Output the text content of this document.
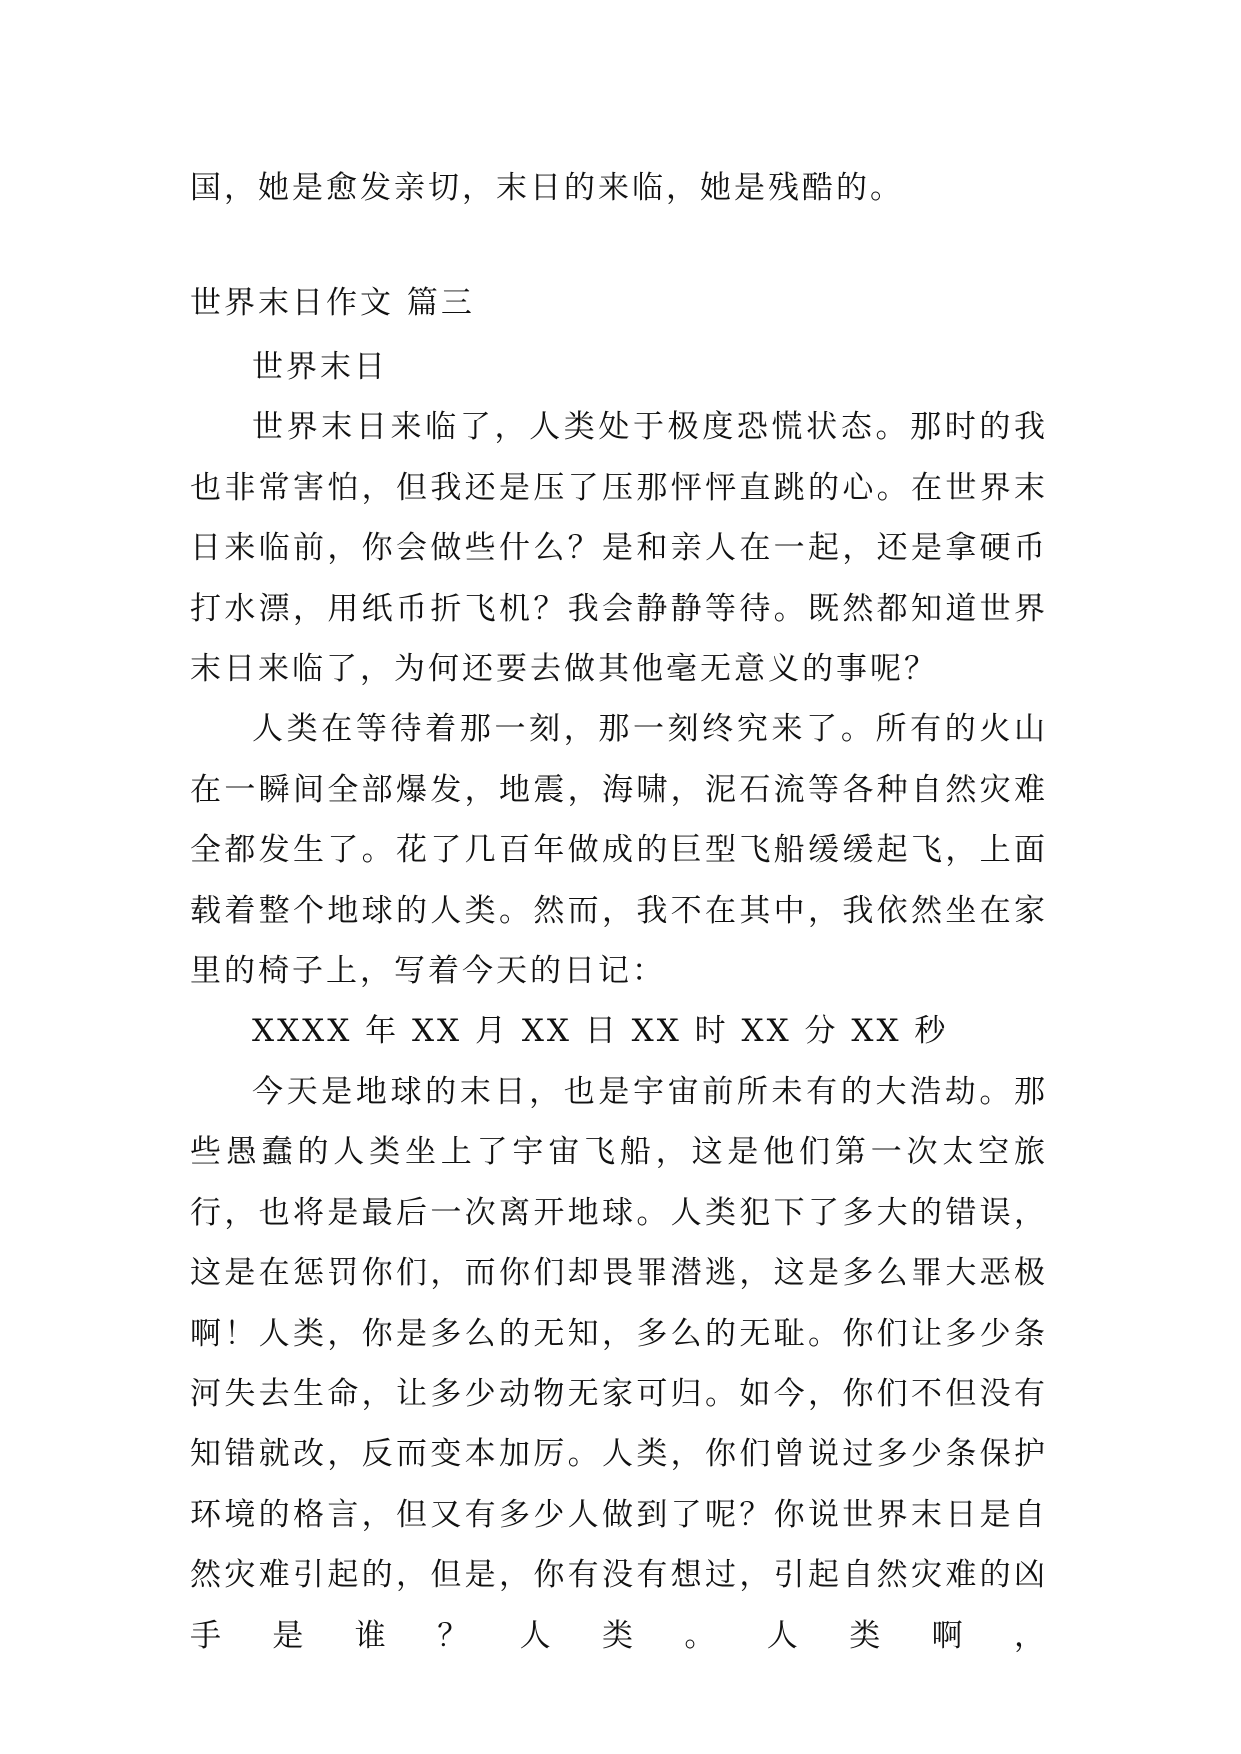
国，她是愈发亲切，末日的来临，她是残酷的。
世界末日作文 篇三

世界末日

世界末日来临了，人类处于极度恐慌状态。那时的我也非常害怕，但我还是压了压那怦怦直跳的心。在世界末日来临前，你会做些什么？是和亲人在一起，还是拿硬币打水漂，用纸币折飞机？我会静静等待。既然都知道世界末日来临了，为何还要去做其他毫无意义的事呢？

人类在等待着那一刻，那一刻终究来了。所有的火山在一瞬间全部爆发，地震，海啸，泥石流等各种自然灾难全都发生了。花了几百年做成的巨型飞船缓缓起飞，上面载着整个地球的人类。然而，我不在其中，我依然坐在家里的椅子上，写着今天的日记：

XXXX 年 XX 月 XX 日 XX 时 XX 分 XX 秒

今天是地球的末日，也是宇宙前所未有的大浩劫。那些愚蠢的人类坐上了宇宙飞船，这是他们第一次太空旅行，也将是最后一次离开地球。人类犯下了多大的错误，这是在惩罚你们，而你们却畏罪潜逃，这是多么罪大恶极啊！人类，你是多么的无知，多么的无耻。你们让多少条河失去生命，让多少动物无家可归。如今，你们不但没有知错就改，反而变本加厉。人类，你们曾说过多少条保护环境的格言，但又有多少人做到了呢？你说世界末日是自然灾难引起的，但是，你有没有想过，引起自然灾难的凶手是谁？人类。人类啊，
